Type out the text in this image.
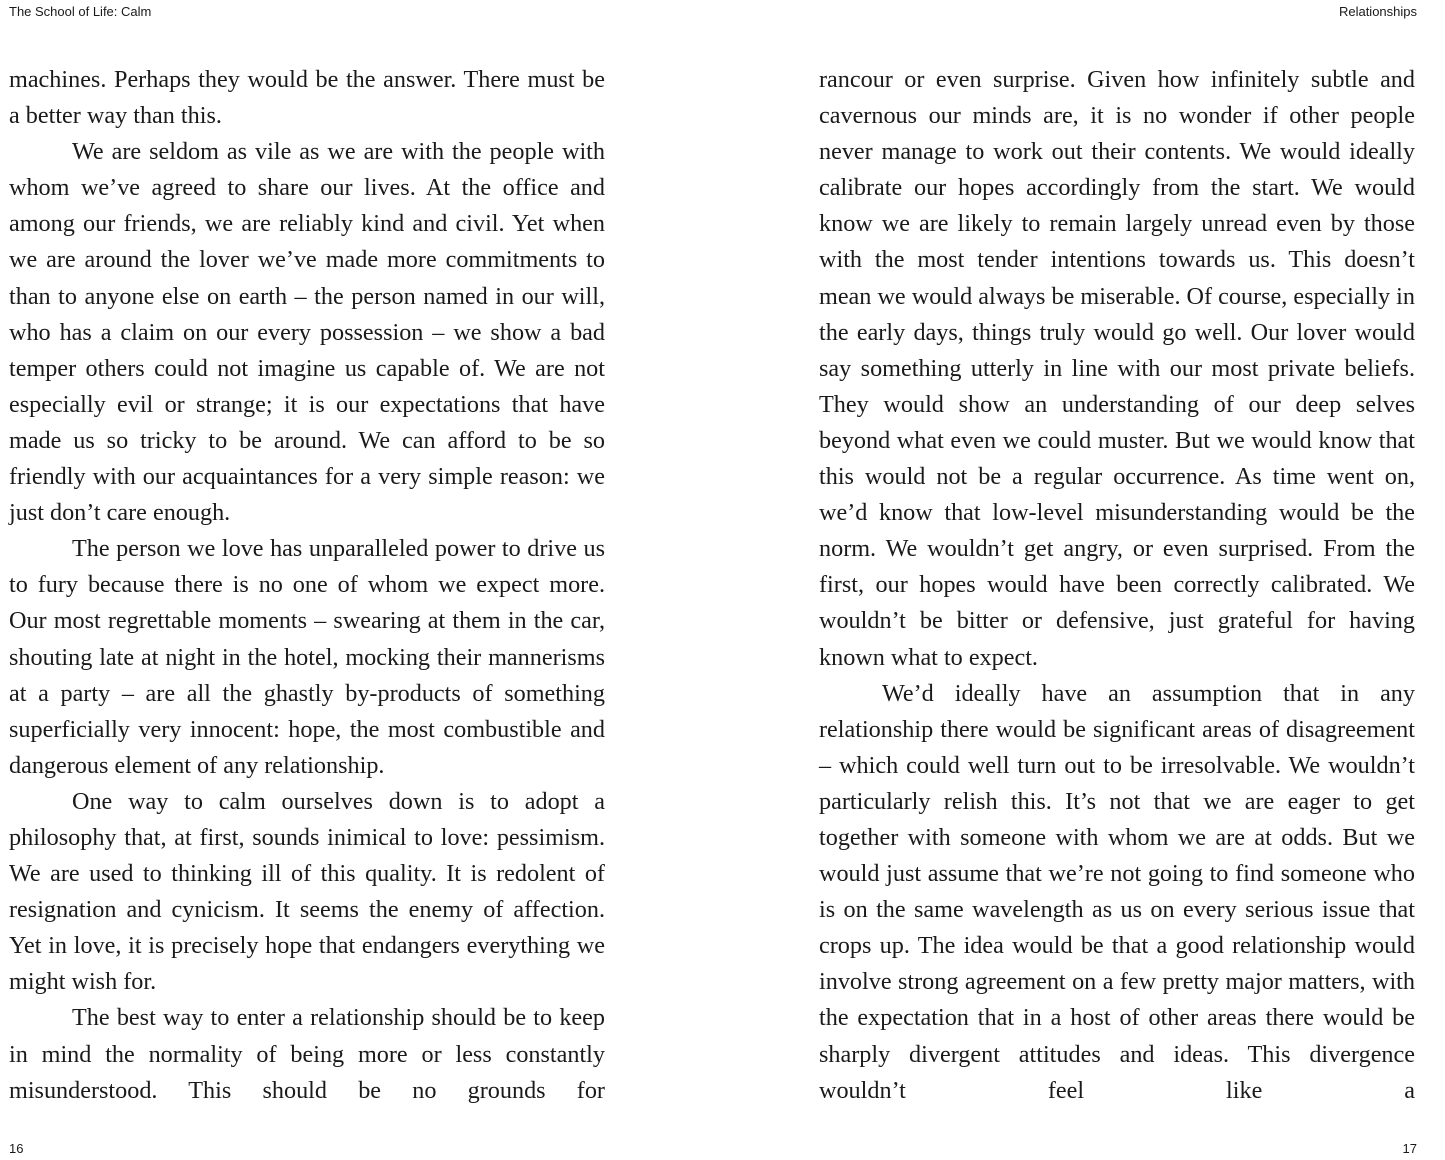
The School of Life: Calm	Relationships

machines. Perhaps they would be the answer. There must be a better way than this.

We are seldom as vile as we are with the people with whom we’ve agreed to share our lives. At the office and among our friends, we are reliably kind and civil. Yet when we are around the lover we’ve made more commitments to than to anyone else on earth – the person named in our will, who has a claim on our every possession – we show a bad temper others could not imagine us capable of. We are not especially evil or strange; it is our expectations that have made us so tricky to be around. We can afford to be so friendly with our acquaintances for a very simple reason: we just don’t care enough.

The person we love has unparalleled power to drive us to fury because there is no one of whom we expect more. Our most regrettable moments – swearing at them in the car, shouting late at night in the hotel, mocking their mannerisms at a party – are all the ghastly by-products of something superficially very innocent: hope, the most combustible and dangerous element of any relationship.

One way to calm ourselves down is to adopt a philosophy that, at first, sounds inimical to love: pessimism. We are used to thinking ill of this quality. It is redolent of resignation and cynicism. It seems the enemy of affection. Yet in love, it is precisely hope that endangers everything we might wish for.

The best way to enter a relationship should be to keep in mind the normality of being more or less constantly misunderstood. This should be no grounds for

rancour or even surprise. Given how infinitely subtle and cavernous our minds are, it is no wonder if other people never manage to work out their contents. We would ideally calibrate our hopes accordingly from the start. We would know we are likely to remain largely unread even by those with the most tender intentions towards us. This doesn’t mean we would always be miserable. Of course, especially in the early days, things truly would go well. Our lover would say something utterly in line with our most private beliefs. They would show an understanding of our deep selves beyond what even we could muster. But we would know that this would not be a regular occurrence. As time went on, we’d know that low-level misunderstanding would be the norm. We wouldn’t get angry, or even surprised. From the first, our hopes would have been correctly calibrated. We wouldn’t be bitter or defensive, just grateful for having known what to expect.

We’d ideally have an assumption that in any relationship there would be significant areas of disagreement – which could well turn out to be irresolvable. We wouldn’t particularly relish this. It’s not that we are eager to get together with someone with whom we are at odds. But we would just assume that we’re not going to find someone who is on the same wavelength as us on every serious issue that crops up. The idea would be that a good relationship would involve strong agreement on a few pretty major matters, with the expectation that in a host of other areas there would be sharply divergent attitudes and ideas. This divergence wouldn’t feel like a

16	17
